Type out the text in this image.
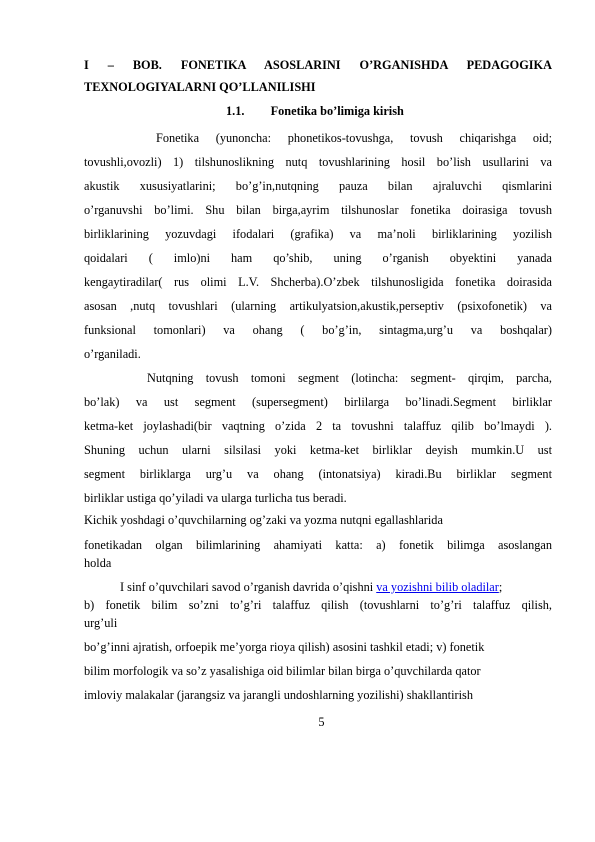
I – BOB. FONETIKA ASOSLARINI O’RGANISHDA PEDAGOGIKA
TEXNOLOGIYALARNI QO’LLANILISHI
1.1. Fonetika bo’limiga kirish
Fonetika (yunoncha: phonetikos-tovushga, tovush chiqarishga oid;
tovushli,ovozli) 1) tilshunoslikning nutq tovushlarining hosil bo’lish usullarini va
akustik xususiyatlarini; bo’g’in,nutqning pauza bilan ajraluvchi qismlarini
o’rganuvshi bo’limi. Shu bilan birga,ayrim tilshunoslar fonetika doirasiga tovush
birliklarining yozuvdagi ifodalari (grafika) va ma’noli birliklarining yozilish
qoidalari ( imlo)ni ham qo’shib, uning o’rganish obyektini yanada
kengaytiradilar( rus olimi L.V. Shcherba).O’zbek tilshunosligida fonetika doirasida
asosan ,nutq tovushlari (ularning artikulyatsion,akustik,perseptiv (psixofonetik) va
funksional tomonlari) va ohang ( bo’g’in, sintagma,urg’u va boshqalar)
o’rganiladi.
Nutqning tovush tomoni segment (lotincha: segment- qirqim, parcha,
bo’lak) va ust segment (supersegment) birlilarga bo’linadi.Segment birliklar
ketma-ket joylashadi(bir vaqtning o’zida 2 ta tovushni talaffuz qilib bo’lmaydi ).
Shuning uchun ularni silsilasi yoki ketma-ket birliklar deyish mumkin.U ust
segment birliklarga urg’u va ohang (intonatsiya) kiradi.Bu birliklar segment
birliklar ustiga qo’yiladi va ularga turlicha tus beradi.
Kichik yoshdagi o’quvchilarning og’zaki va yozma nutqni egallashlarida
fonetikadan olgan bilimlarining ahamiyati katta: a) fonetik bilimga asoslangan
holda
I sinf o’quvchilari savod o’rganish davrida o’qishni va yozishni bilib oladilar;
b) fonetik bilim so’zni to’g’ri talaffuz qilish (tovushlarni to’g’ri talaffuz qilish,
urg’uli
bo’g’inni ajratish, orfoepik me’yorga rioya qilish) asosini tashkil etadi; v) fonetik
bilim morfologik va so’z yasalishiga oid bilimlar bilan birga o’quvchilarda qator
imloviy malakalar (jarangsiz va jarangli undoshlarning yozilishi) shakllantirish
5
